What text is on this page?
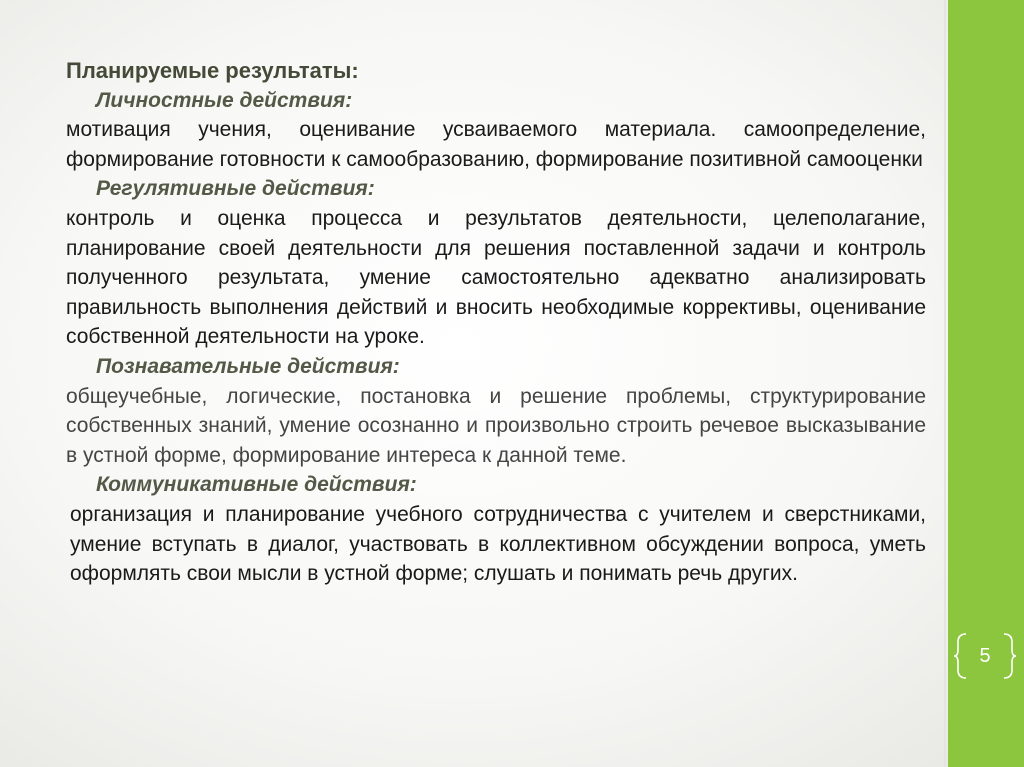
5
Планируемые результаты:
Личностные действия:
мотивация учения, оценивание усваиваемого материала. самоопределение, формирование готовности к самообразованию, формирование позитивной самооценки
Регулятивные действия:
контроль и оценка процесса и результатов деятельности, целеполагание, планирование своей деятельности для решения поставленной задачи и контроль полученного результата, умение самостоятельно адекватно анализировать правильность выполнения действий и вносить необходимые коррективы, оценивание собственной деятельности на уроке.
Познавательные действия:
общеучебные, логические, постановка и решение проблемы, структурирование собственных знаний, умение осознанно и произвольно строить речевое высказывание в устной форме, формирование интереса к данной теме.
Коммуникативные действия:
организация и планирование учебного сотрудничества с учителем и сверстниками, умение вступать в диалог, участвовать в коллективном обсуждении вопроса, уметь оформлять свои мысли в устной форме; слушать и понимать речь других.
